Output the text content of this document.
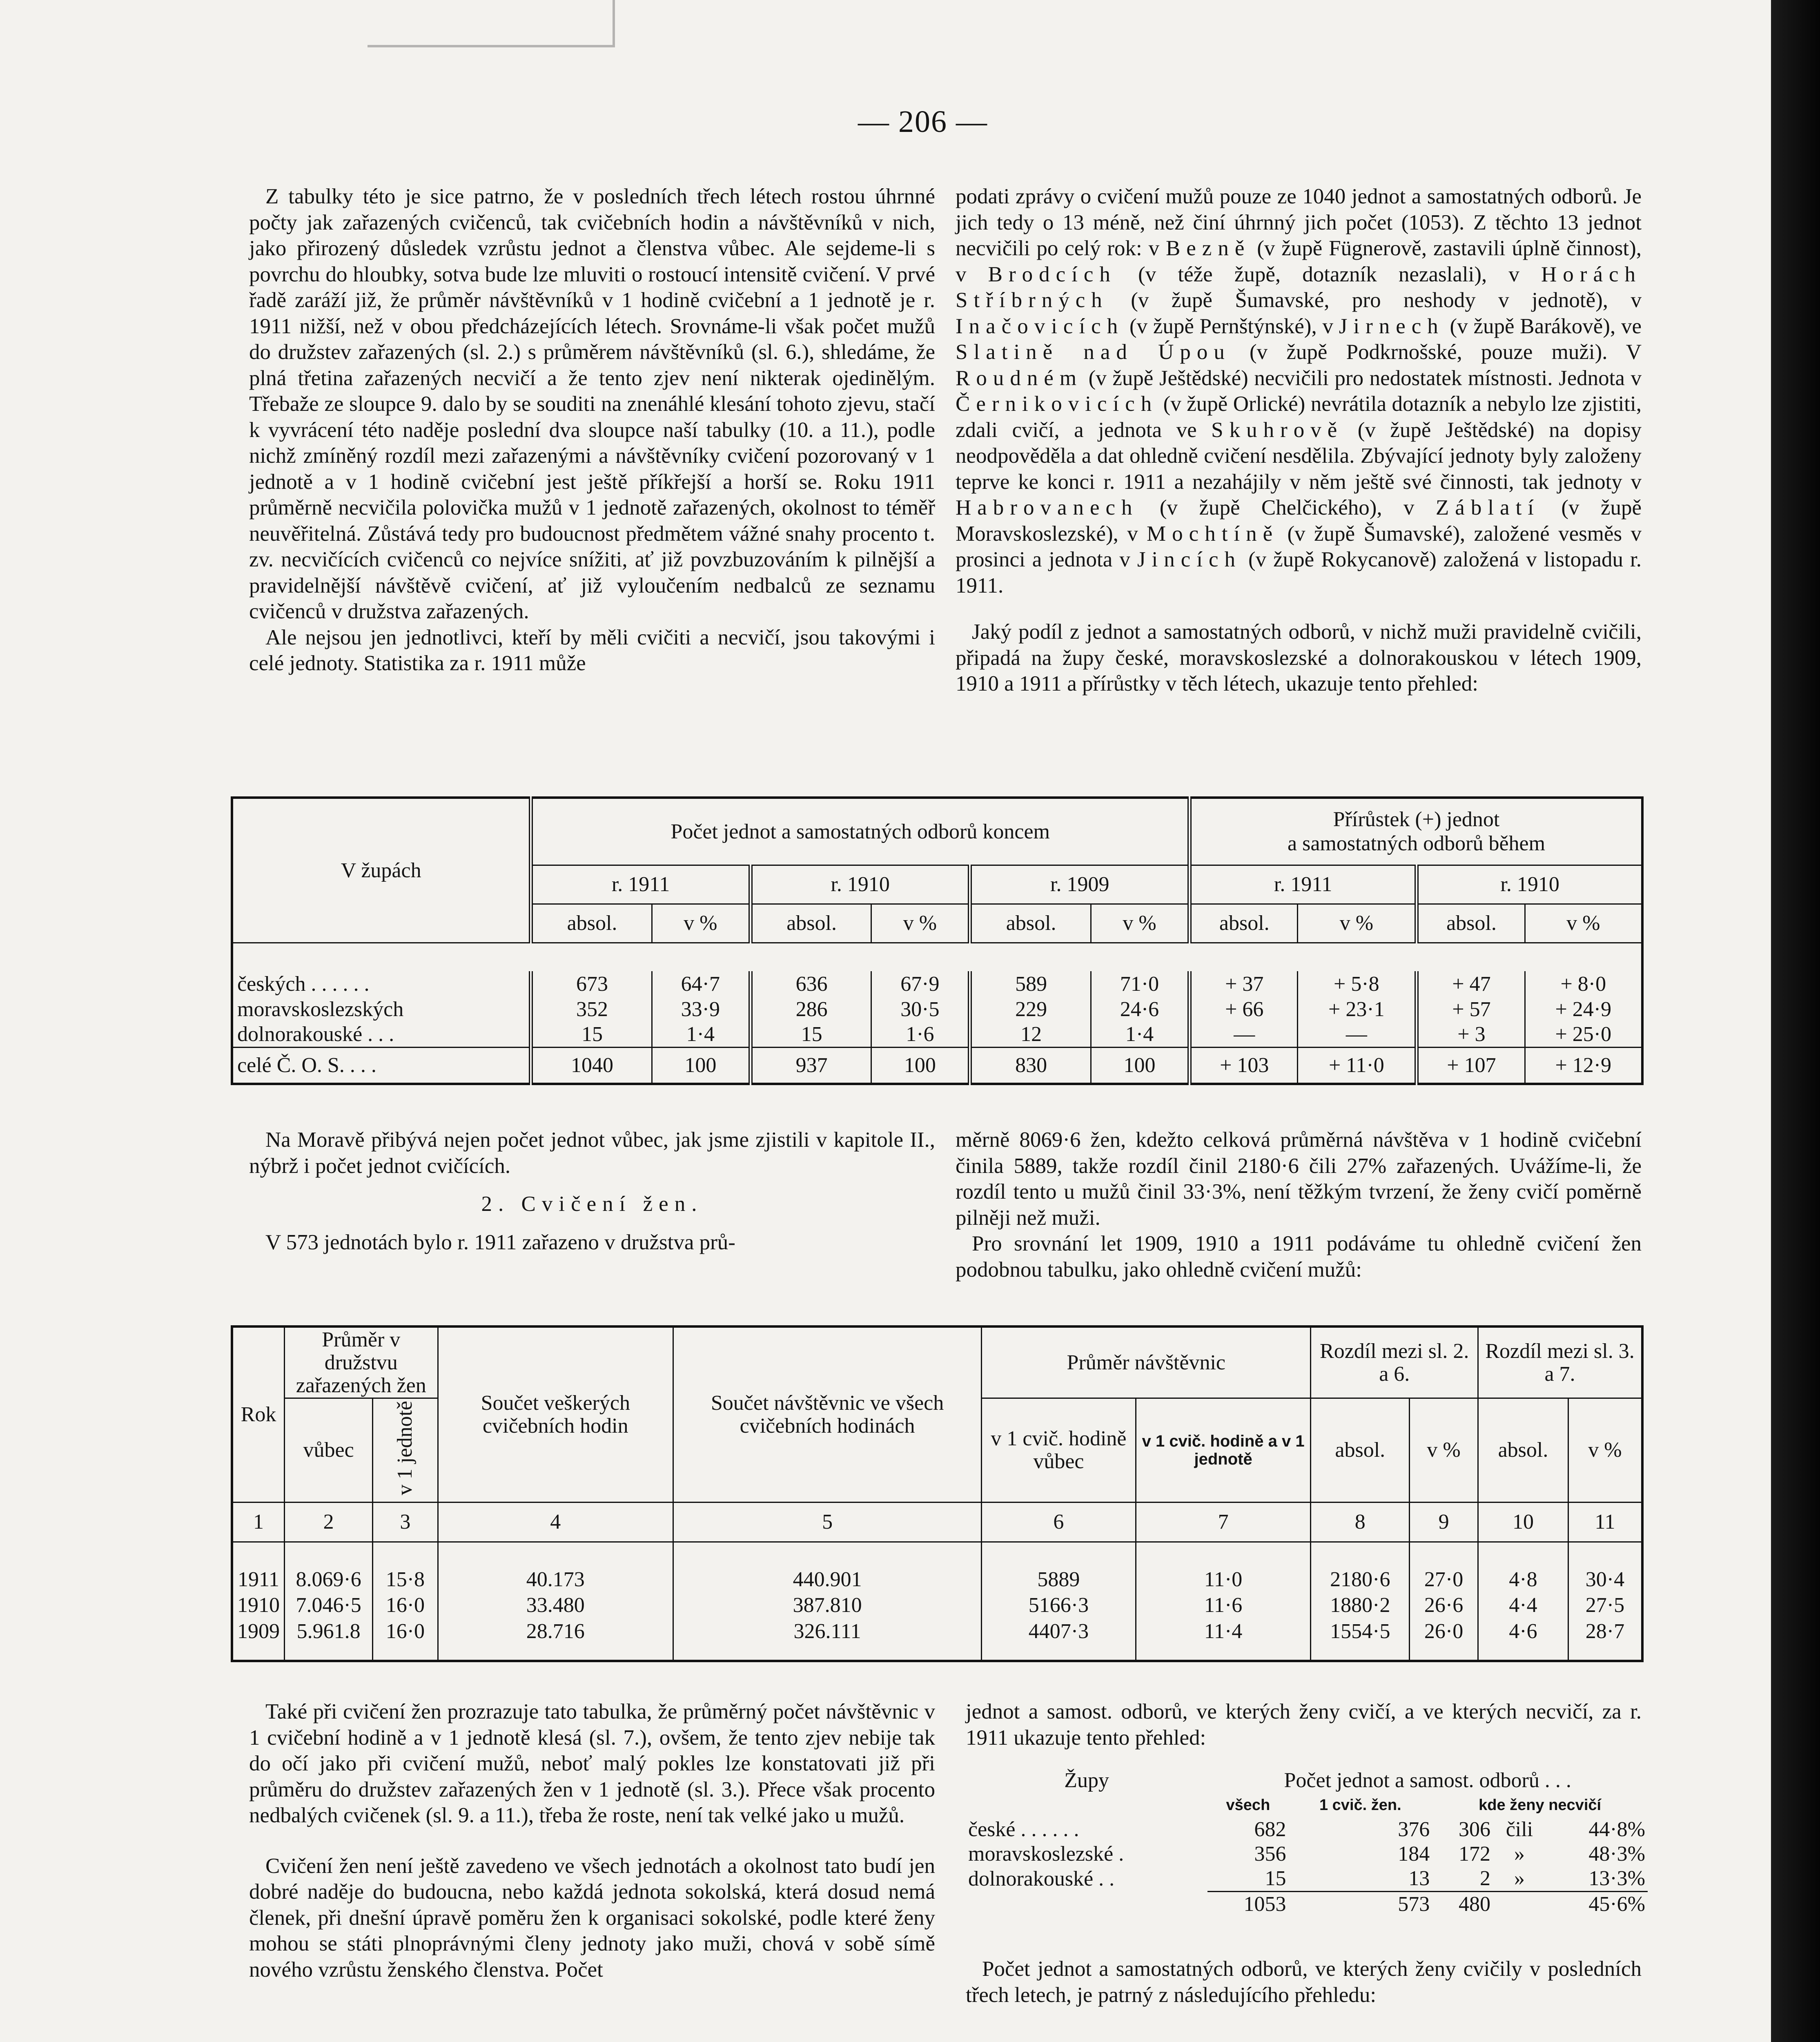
— 206 —

Z tabulky této je sice patrno, že v posledních třech létech rostou úhrnné počty jak zařazených cvičenců, tak cvičebních hodin a návštěvníků v nich, jako přirozený důsledek vzrůstu jednot a členstva vůbec. Ale sejdeme-li s povrchu do hloubky, sotva bude lze mluviti o rostoucí intensitě cvičení. V prvé řadě zaráží již, že průměr návštěvníků v 1 hodině cvičební a 1 jednotě je r. 1911 nižší, než v obou předcházejících létech. Srovnáme-li však počet mužů do družstev zařazených (sl. 2.) s průměrem návštěvníků (sl. 6.), shledáme, že plná třetina zařazených necvičí a že tento zjev není nikterak ojedinělým. Třebaže ze sloupce 9. dalo by se souditi na znenáhlé klesání tohoto zjevu, stačí k vyvrácení této naděje poslední dva sloupce naší tabulky (10. a 11.), podle nichž zmíněný rozdíl mezi zařazenými a návštěvníky cvičení pozorovaný v 1 jednotě a v 1 hodině cvičební jest ještě příkřejší a horší se. Roku 1911 průměrně necvičila polovička mužů v 1 jednotě zařazených, okolnost to téměř neuvěřitelná. Zůstává tedy pro budoucnost předmětem vážné snahy procento t. zv. necvičících cvičenců co nejvíce snížiti, ať již povzbuzováním k pilnější a pravidelnější návštěvě cvičení, ať již vyloučením nedbalců ze seznamu cvičenců v družstva zařazených.

Ale nejsou jen jednotlivci, kteří by měli cvičiti a necvičí, jsou takovými i celé jednoty. Statistika za r. 1911 může

podati zprávy o cvičení mužů pouze ze 1040 jednot a samostatných odborů. Je jich tedy o 13 méně, než činí úhrnný jich počet (1053). Z těchto 13 jednot necvičili po celý rok: v Bezně (v župě Fügnerově, zastavili úplně činnost), v Brodcích (v téže župě, dotazník nezaslali), v Horách Stříbrných (v župě Šumavské, pro neshody v jednotě), v Inačovicích (v župě Pernštýnské), v Jirnech (v župě Barákově), ve Slatině nad Úpou (v župě Podkrnošské, pouze muži). V Roudném (v župě Ještědské) necvičili pro nedostatek místnosti. Jednota v Černikovicích (v župě Orlické) nevrátila dotazník a nebylo lze zjistiti, zdali cvičí, a jednota ve Skuhrově (v župě Ještědské) na dopisy neodpověděla a dat ohledně cvičení nesdělila. Zbývající jednoty byly založeny teprve ke konci r. 1911 a nezahájily v něm ještě své činnosti, tak jednoty v Habrovanech (v župě Chelčického), v Záblatí (v župě Moravskoslezské), v Mochtíně (v župě Šumavské), založené vesměs v prosinci a jednota v Jincích (v župě Rokycanově) založená v listopadu r. 1911.

Jaký podíl z jednot a samostatných odborů, v nichž muži pravidelně cvičili, připadá na župy české, moravskoslezské a dolnorakouskou v létech 1909, 1910 a 1911 a přírůstky v těch létech, ukazuje tento přehled:

V župách	Počet jednot a samostatných odborů koncem						Přírůstek (+) jednot
a samostatných odborů během			

	r. 1911		r. 1910		r. 1909		r. 1911		r. 1910	
	absol.	v %	absol.	v %	absol.	v %	absol.	v %	absol.	v %

českých . . . . . .	673	64·7	636	67·9	589	71·0	+ 37	+ 5·8	+ 47	+ 8·0
moravskoslezských	352	33·9	286	30·5	229	24·6	+ 66	+ 23·1	+ 57	+ 24·9
dolnorakouské . . .	15	1·4	15	1·6	12	1·4	—	—	+ 3	+ 25·0
celé Č. O. S. . . .	1040	100	937	100	830	100	+ 103	+ 11·0	+ 107	+ 12·9

Na Moravě přibývá nejen počet jednot vůbec, jak jsme zjistili v kapitole II., nýbrž i počet jednot cvičících.

2. Cvičení žen.

V 573 jednotách bylo r. 1911 zařazeno v družstva prů-

měrně 8069·6 žen, kdežto celková průměrná návštěva v 1 hodině cvičební činila 5889, takže rozdíl činil 2180·6 čili 27% zařazených. Uvážíme-li, že rozdíl tento u mužů činil 33·3%, není těžkým tvrzení, že ženy cvičí poměrně pilněji než muži.

Pro srovnání let 1909, 1910 a 1911 podáváme tu ohledně cvičení žen podobnou tabulku, jako ohledně cvičení mužů:

Rok	Průměr v družstvu
zařazených žen		Součet veškerých cvičebních hodin	Součet návštěvnic ve všech cvičebních hodinách	Průměr návštěvnic		Rozdíl mezi sl. 2. a 6.		Rozdíl mezi sl. 3. a 7.	
	vůbec	v 1 jednotě			v 1 cvič. hodině vůbec	v 1 cvič. hodině a v 1 jednotě	absol.	v %	absol.	v %
1	2	3	4	5	6	7	8	9	10	11

1911	8.069·6	15·8	40.173	440.901	5889	11·0	2180·6	27·0	4·8	30·4
1910	7.046·5	16·0	33.480	387.810	5166·3	11·6	1880·2	26·6	4·4	27·5
1909	5.961.8	16·0	28.716	326.111	4407·3	11·4	1554·5	26·0	4·6	28·7

Také při cvičení žen prozrazuje tato tabulka, že průměrný počet návštěvnic v 1 cvičební hodině a v 1 jednotě klesá (sl. 7.), ovšem, že tento zjev nebije tak do očí jako při cvičení mužů, neboť malý pokles lze konstatovati již při průměru do družstev zařazených žen v 1 jednotě (sl. 3.). Přece však procento nedbalých cvičenek (sl. 9. a 11.), třeba že roste, není tak velké jako u mužů.

Cvičení žen není ještě zavedeno ve všech jednotách a okolnost tato budí jen dobré naděje do budoucna, nebo každá jednota sokolská, která dosud nemá členek, při dnešní úpravě poměru žen k organisaci sokolské, podle které ženy mohou se státi plnoprávnými členy jednoty jako muži, chová v sobě símě nového vzrůstu ženského členstva. Počet

jednot a samost. odborů, ve kterých ženy cvičí, a ve kterých necvičí, za r. 1911 ukazuje tento přehled:

Župy	Počet jednot a samost. odborů . . .				
	všech	1 cvič. žen.	kde ženy necvičí		
české . . . . . .	682	376	306	čili	44·8%
moravskoslezské .	356	184	172	»	48·3%
dolnorakouské . .	15	13	2	»	13·3%
	1053	573	480		45·6%

Počet jednot a samostatných odborů, ve kterých ženy cvičily v posledních třech letech, je patrný z následujícího přehledu:
